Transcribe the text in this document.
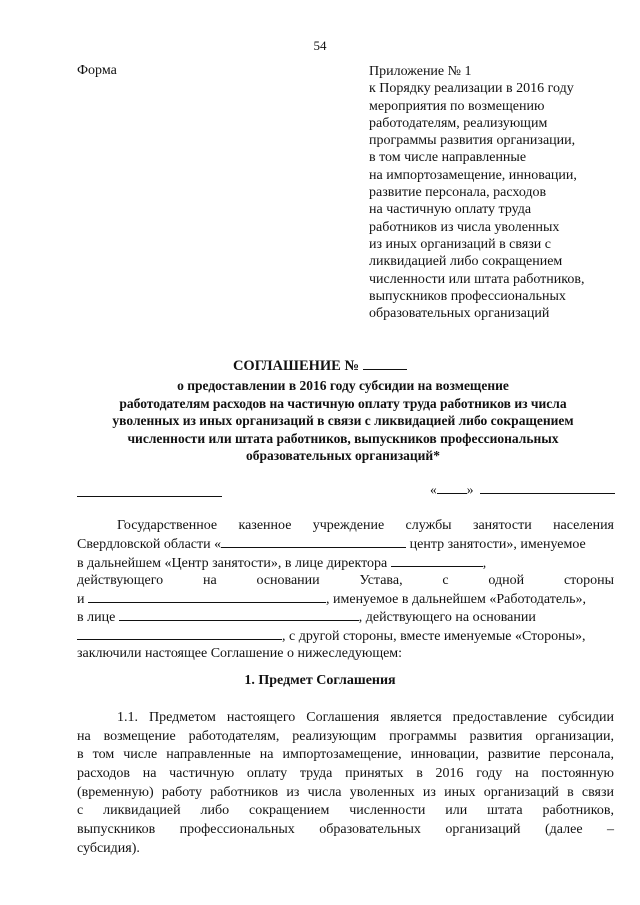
54
Форма	Приложение № 1
к Порядку реализации в 2016 году
мероприятия по возмещению
работодателям, реализующим
программы развития организации,
в том числе направленные
на импортозамещение, инновации,
развитие персонала, расходов
на частичную оплату труда
работников из числа уволенных
из иных организаций в связи с
ликвидацией либо сокращением
численности или штата работников,
выпускников профессиональных
образовательных организаций
СОГЛАШЕНИЕ №
о предоставлении в 2016 году субсидии на возмещение
работодателям расходов на частичную оплату труда работников из числа
уволенных из иных организаций в связи с ликвидацией либо сокращением
численности или штата работников, выпускников профессиональных
образовательных организаций*
« »
Государственное казенное учреждение службы занятости населения
Свердловской области «	центр занятости», именуемое
в дальнейшем «Центр занятости», в лице директора	,
действующего на основании Устава, с одной стороны
и	, именуемое в дальнейшем «Работодатель»,
в лице	, действующего на основании
, с другой стороны, вместе именуемые «Стороны»,
заключили настоящее Соглашение о нижеследующем:
1. Предмет Соглашения
1.1. Предметом настоящего Соглашения является предоставление субсидии
на возмещение работодателям, реализующим программы развития организации,
в том числе направленные на импортозамещение, инновации, развитие персонала,
расходов на частичную оплату труда принятых в 2016 году на постоянную
(временную) работу работников из числа уволенных из иных организаций в связи
с ликвидацией либо сокращением численности или штата работников,
выпускников профессиональных образовательных организаций (далее –
субсидия).
